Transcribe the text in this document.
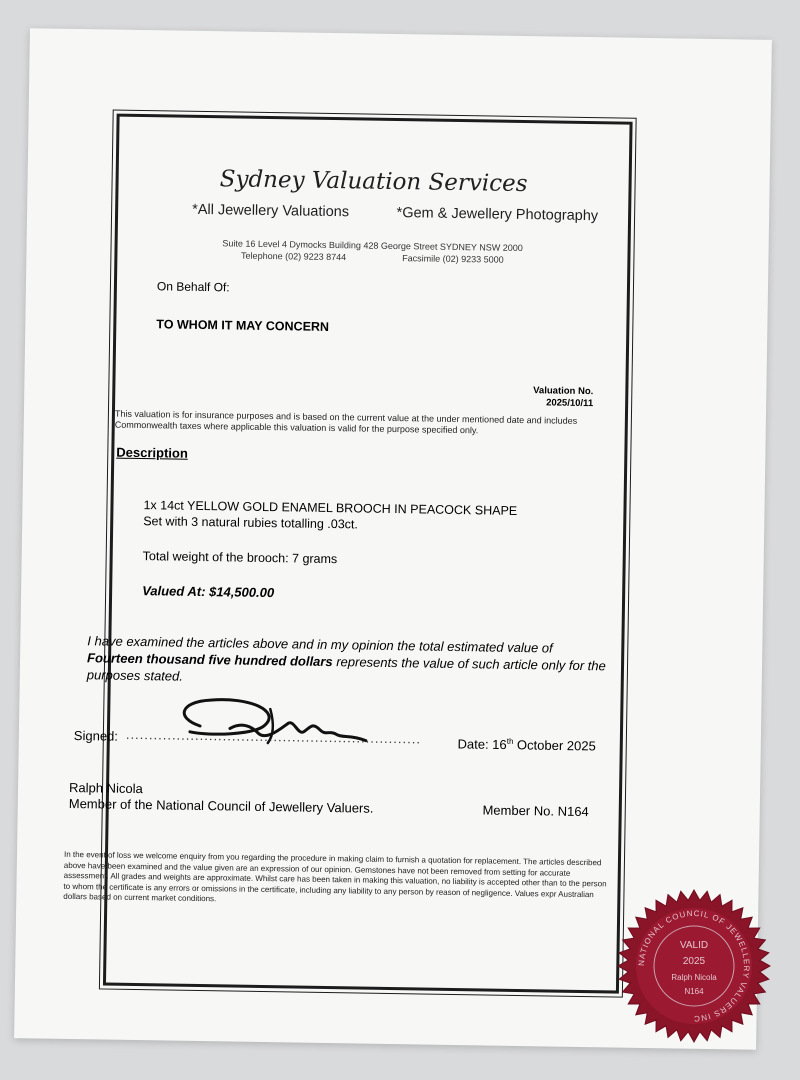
Sydney Valuation Services
*All Jewellery Valuations	*Gem & Jewellery Photography
Suite 16 Level 4 Dymocks Building 428 George Street SYDNEY NSW 2000
Telephone (02) 9223 8744	Facsimile (02) 9233 5000
On Behalf Of:
TO WHOM IT MAY CONCERN
Valuation No.
2025/10/11
This valuation is for insurance purposes and is based on the current value at the under mentioned date and includes Commonwealth taxes where applicable this valuation is valid for the purpose specified only.
Description
1x 14ct YELLOW GOLD ENAMEL BROOCH IN PEACOCK SHAPE
Set with 3 natural rubies totalling .03ct.
Total weight of the brooch: 7 grams
Valued At: $14,500.00
I have examined the articles above and in my opinion the total estimated value of Fourteen thousand five hundred dollars represents the value of such article only for the purposes stated.
Signed: ................................................................	Date: 16th October 2025
Ralph Nicola
Member of the National Council of Jewellery Valuers.	Member No. N164
In the event of loss we welcome enquiry from you regarding the procedure in making claim to furnish a quotation for replacement. The articles described above have been examined and the value given are an expression of our opinion. Gemstones have not been removed from setting for accurate assessment. All grades and weights are approximate. Whilst care has been taken in making this valuation, no liability is accepted other than to the person to whom the certificate is any errors or omissions in the certificate, including any liability to any person by reason of negligence. Values expr Australian dollars based on current market conditions.
NATIONAL COUNCIL OF JEWELLERY VALUERS INC
VALID
2025
Ralph Nicola
N164
